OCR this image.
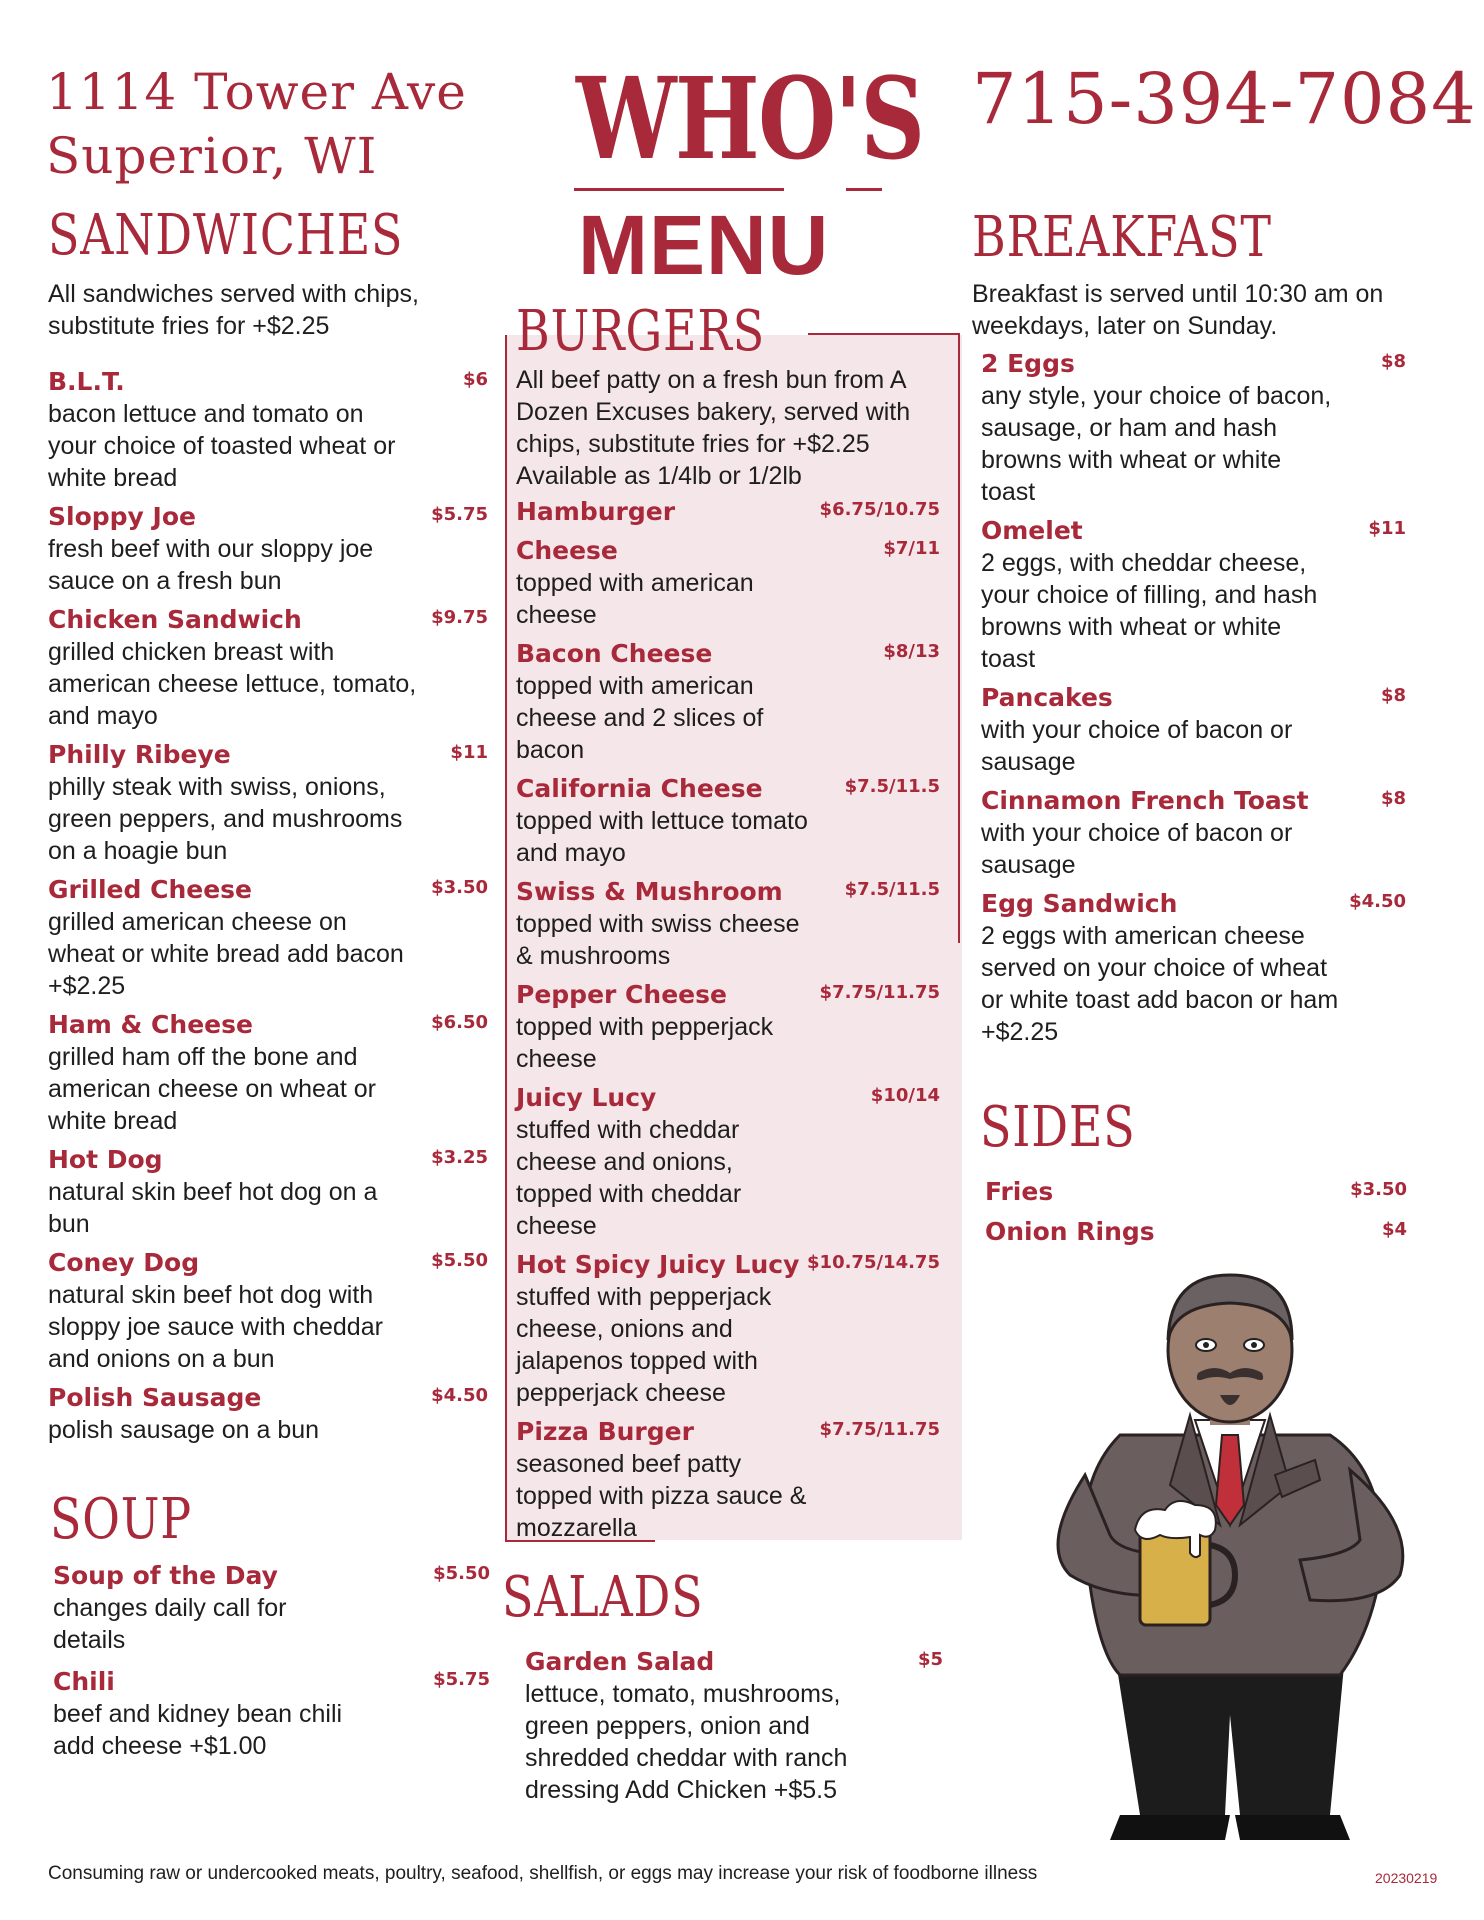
1114 Tower Ave
Superior, WI	WHO'S
MENU
715-394-7084
SANDWICHES
All sandwiches served with chips, substitute fries for +$2.25
B.L.T.	$6
bacon lettuce and tomato on your choice of toasted wheat or white bread
Sloppy Joe	$5.75
fresh beef with our sloppy joe sauce on a fresh bun
Chicken Sandwich	$9.75
grilled chicken breast with american cheese lettuce, tomato, and mayo
Philly Ribeye	$11
philly steak with swiss, onions, green peppers, and mushrooms on a hoagie bun
Grilled Cheese	$3.50
grilled american cheese on wheat or white bread add bacon +$2.25
Ham & Cheese	$6.50
grilled ham off the bone and american cheese on wheat or white bread
Hot Dog	$3.25
natural skin beef hot dog on a bun
Coney Dog	$5.50
natural skin beef hot dog with sloppy joe sauce with cheddar and onions on a bun
Polish Sausage	$4.50
polish sausage on a bun
SOUP
Soup of the Day	$5.50
changes daily call for details
Chili	$5.75
beef and kidney bean chili add cheese +$1.00
BURGERS
All beef patty on a fresh bun from A Dozen Excuses bakery, served with chips, substitute fries for +$2.25 Available as 1/4lb or 1/2lb
Hamburger	$6.75/10.75
Cheese	$7/11
topped with american cheese
Bacon Cheese	$8/13
topped with american cheese and 2 slices of bacon
California Cheese	$7.5/11.5
topped with lettuce tomato and mayo
Swiss & Mushroom	$7.5/11.5
topped with swiss cheese & mushrooms
Pepper Cheese	$7.75/11.75
topped with pepperjack cheese
Juicy Lucy	$10/14
stuffed with cheddar cheese and onions, topped with cheddar cheese
Hot Spicy Juicy Lucy $10.75/14.75
stuffed with pepperjack cheese, onions and jalapenos topped with pepperjack cheese
Pizza Burger	$7.75/11.75
seasoned beef patty topped with pizza sauce & mozzarella
SALADS
Garden Salad	$5
lettuce, tomato, mushrooms, green peppers, onion and shredded cheddar with ranch dressing Add Chicken +$5.5
BREAKFAST
Breakfast is served until 10:30 am on weekdays, later on Sunday.
2 Eggs	$8
any style, your choice of bacon, sausage, or ham and hash browns with wheat or white toast
Omelet	$11
2 eggs, with cheddar cheese, your choice of filling, and hash browns with wheat or white toast
Pancakes	$8
with your choice of bacon or sausage
Cinnamon French Toast	$8
with your choice of bacon or sausage
Egg Sandwich	$4.50
2 eggs with american cheese served on your choice of wheat or white toast add bacon or ham +$2.25
SIDES
Fries	$3.50
Onion Rings	$4
Consuming raw or undercooked meats, poultry, seafood, shellfish, or eggs may increase your risk of foodborne illness	20230219
